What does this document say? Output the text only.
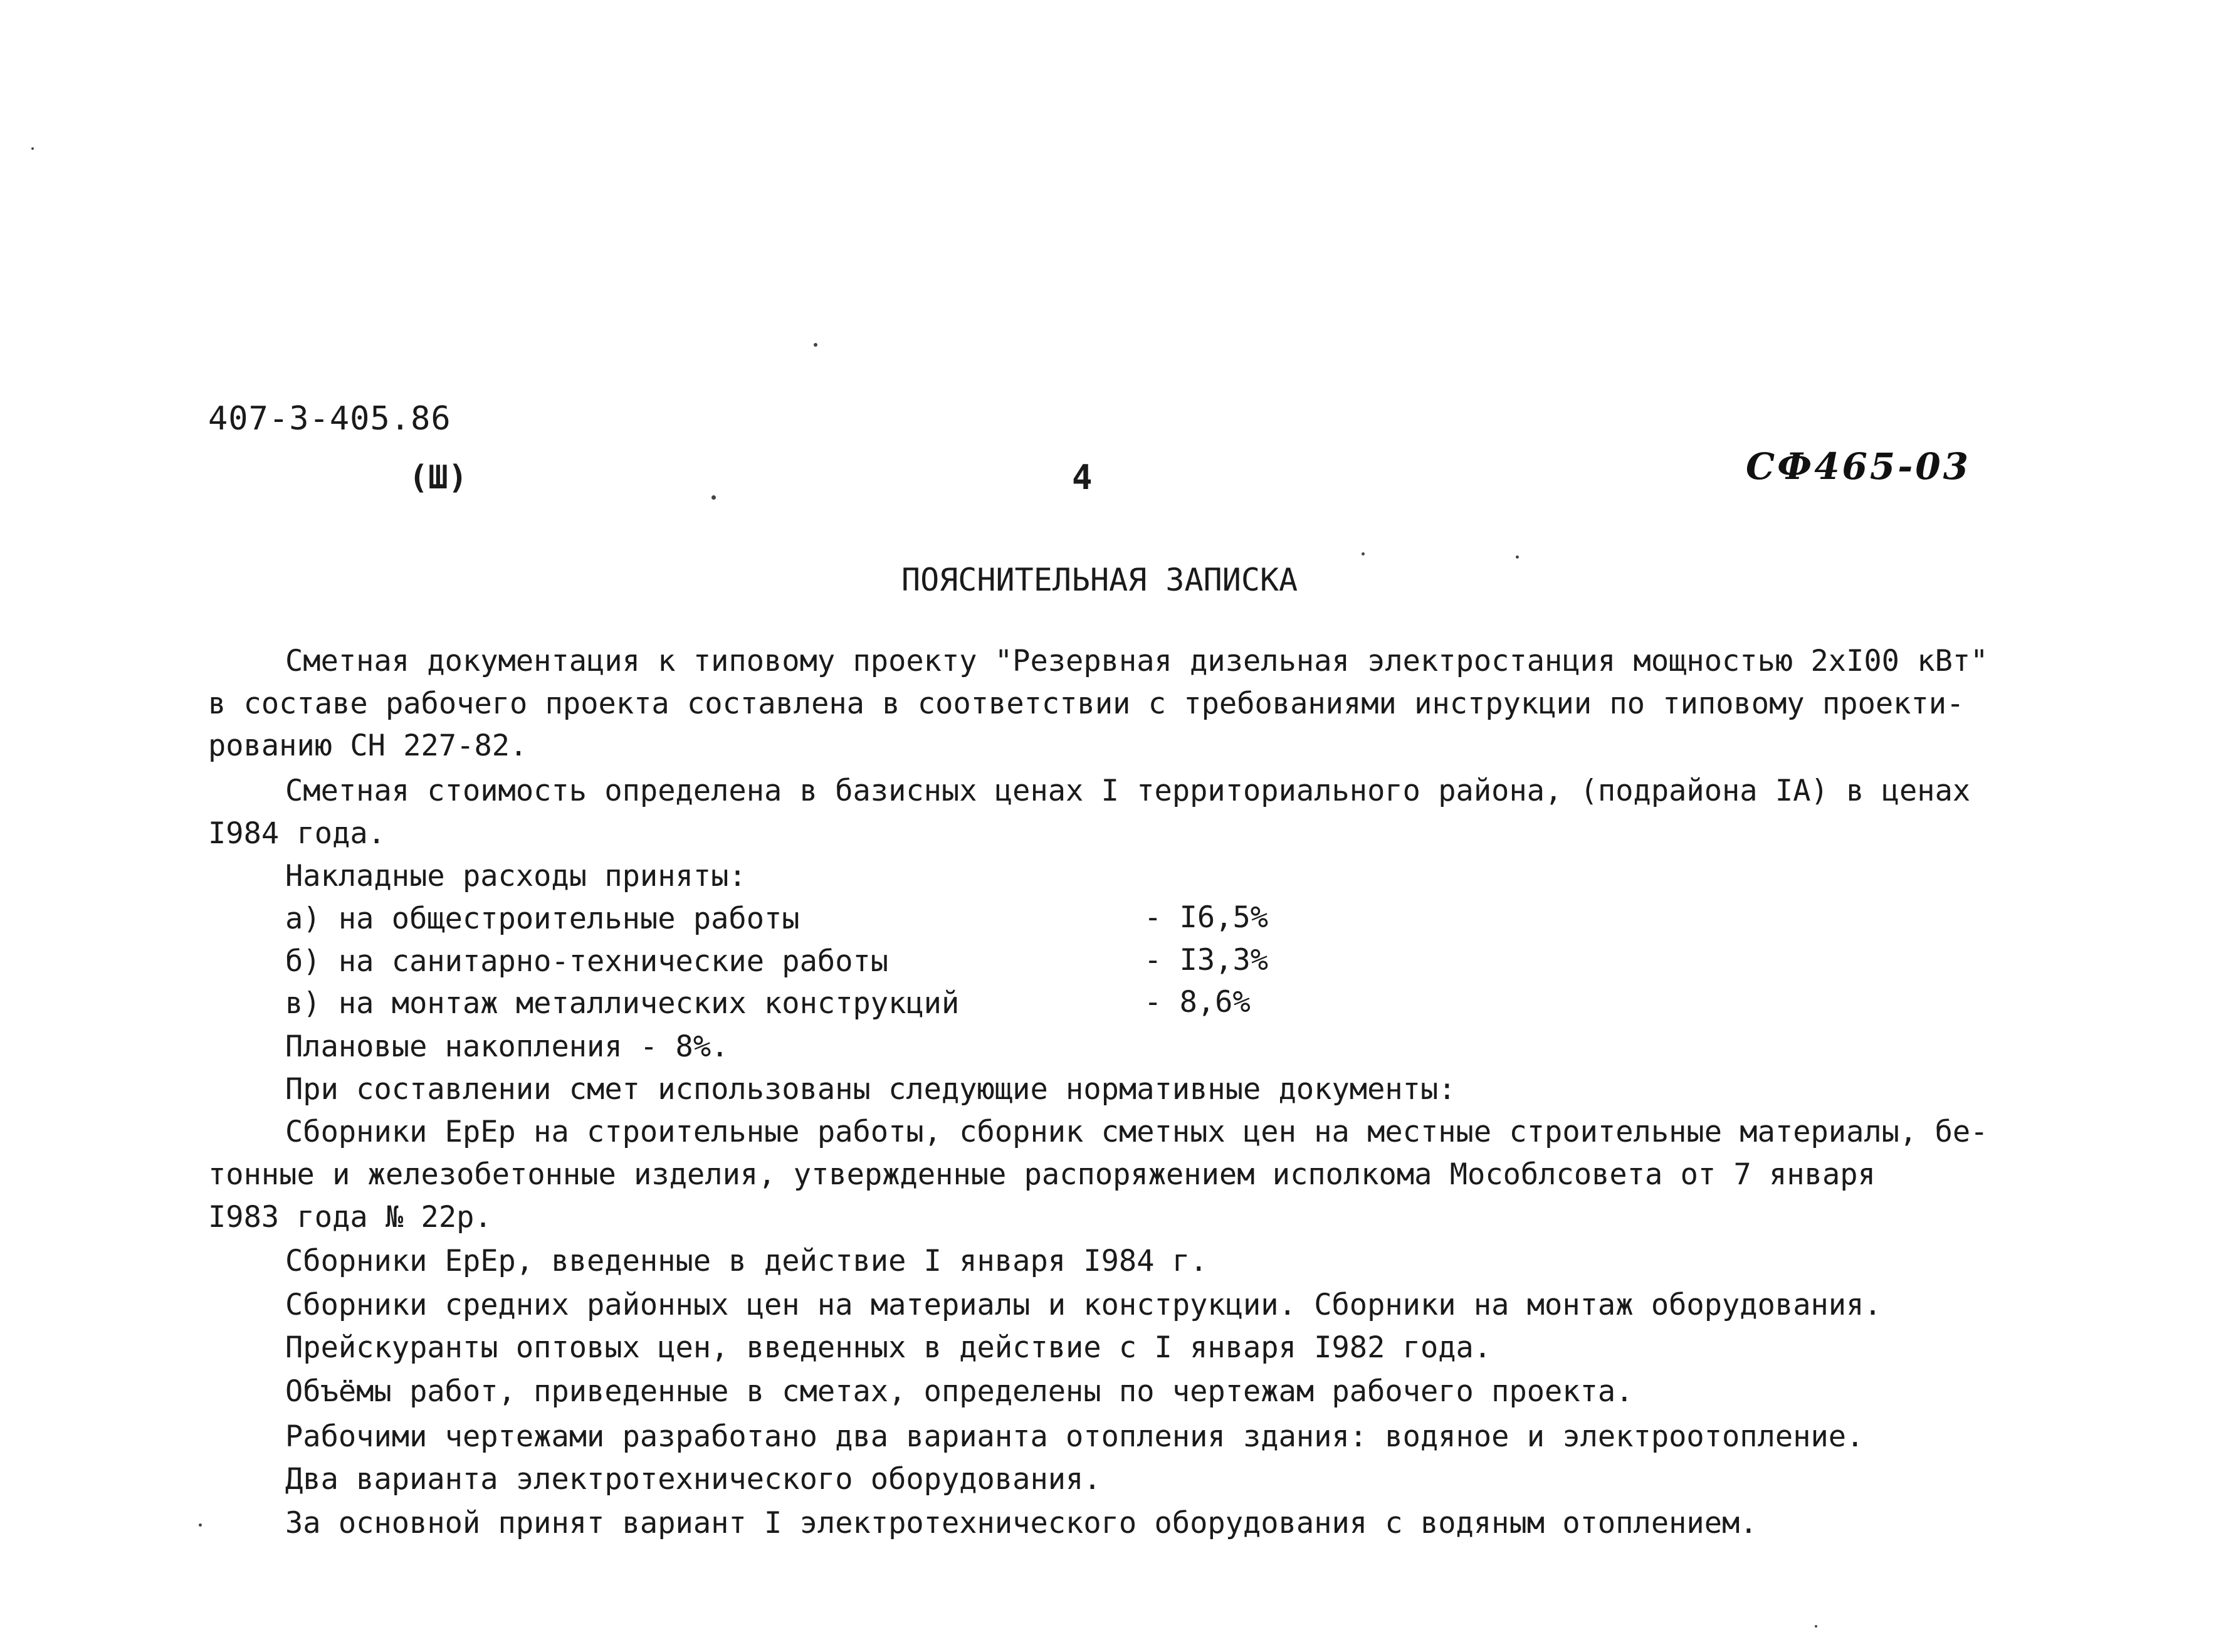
407-3-405.86
(Ш)	4	СФ465-03
ПОЯСНИТЕЛЬНАЯ ЗАПИСКА
Сметная документация к типовому проекту "Резервная дизельная электростанция мощностью 2хI00 кВт"
в составе рабочего проекта составлена в соответствии с требованиями инструкции по типовому проекти-
рованию СН 227-82.
Сметная стоимость определена в базисных ценах I территориального района, (подрайона IА) в ценах
I984 года.
Накладные расходы приняты:
а) на общестроительные работы	- I6,5%
б) на санитарно-технические работы	- I3,3%
в) на монтаж металлических конструкций	- 8,6%
Плановые накопления - 8%.
При составлении смет использованы следующие нормативные документы:
Сборники ЕрЕр на строительные работы, сборник сметных цен на местные строительные материалы, бе-
тонные и железобетонные изделия, утвержденные распоряжением исполкома Мособлсовета от 7 января
I983 года № 22р.
Сборники ЕрЕр, введенные в действие I января I984 г.
Сборники средних районных цен на материалы и конструкции. Сборники на монтаж оборудования.
Прейскуранты оптовых цен, введенных в действие с I января I982 года.
Объёмы работ, приведенные в сметах, определены по чертежам рабочего проекта.
Рабочими чертежами разработано два варианта отопления здания: водяное и электроотопление.
Два варианта электротехнического оборудования.
За основной принят вариант I электротехнического оборудования с водяным отоплением.
